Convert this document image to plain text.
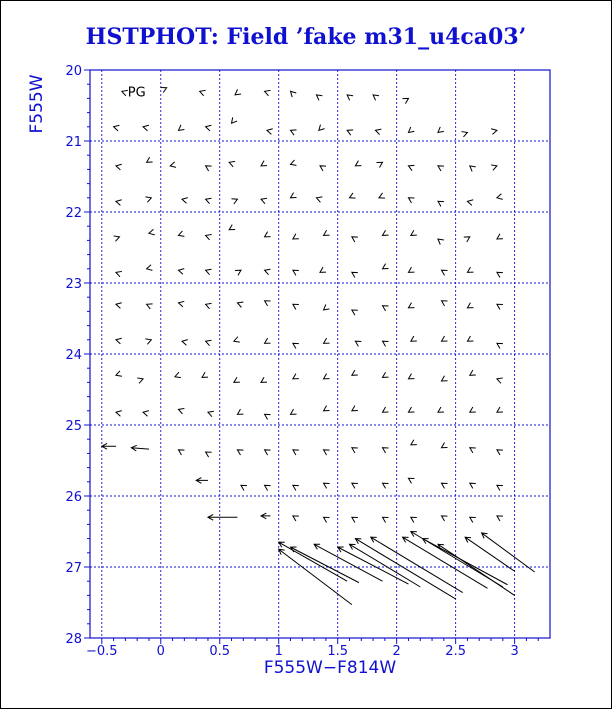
HSTPHOT: Field ’fake m31_u4ca03’
−0.5	0	0.5	1	1.5	2	2.5	3
20
21
22
23
24
25
26
27
28
PG
F555W−F814W
F555W
